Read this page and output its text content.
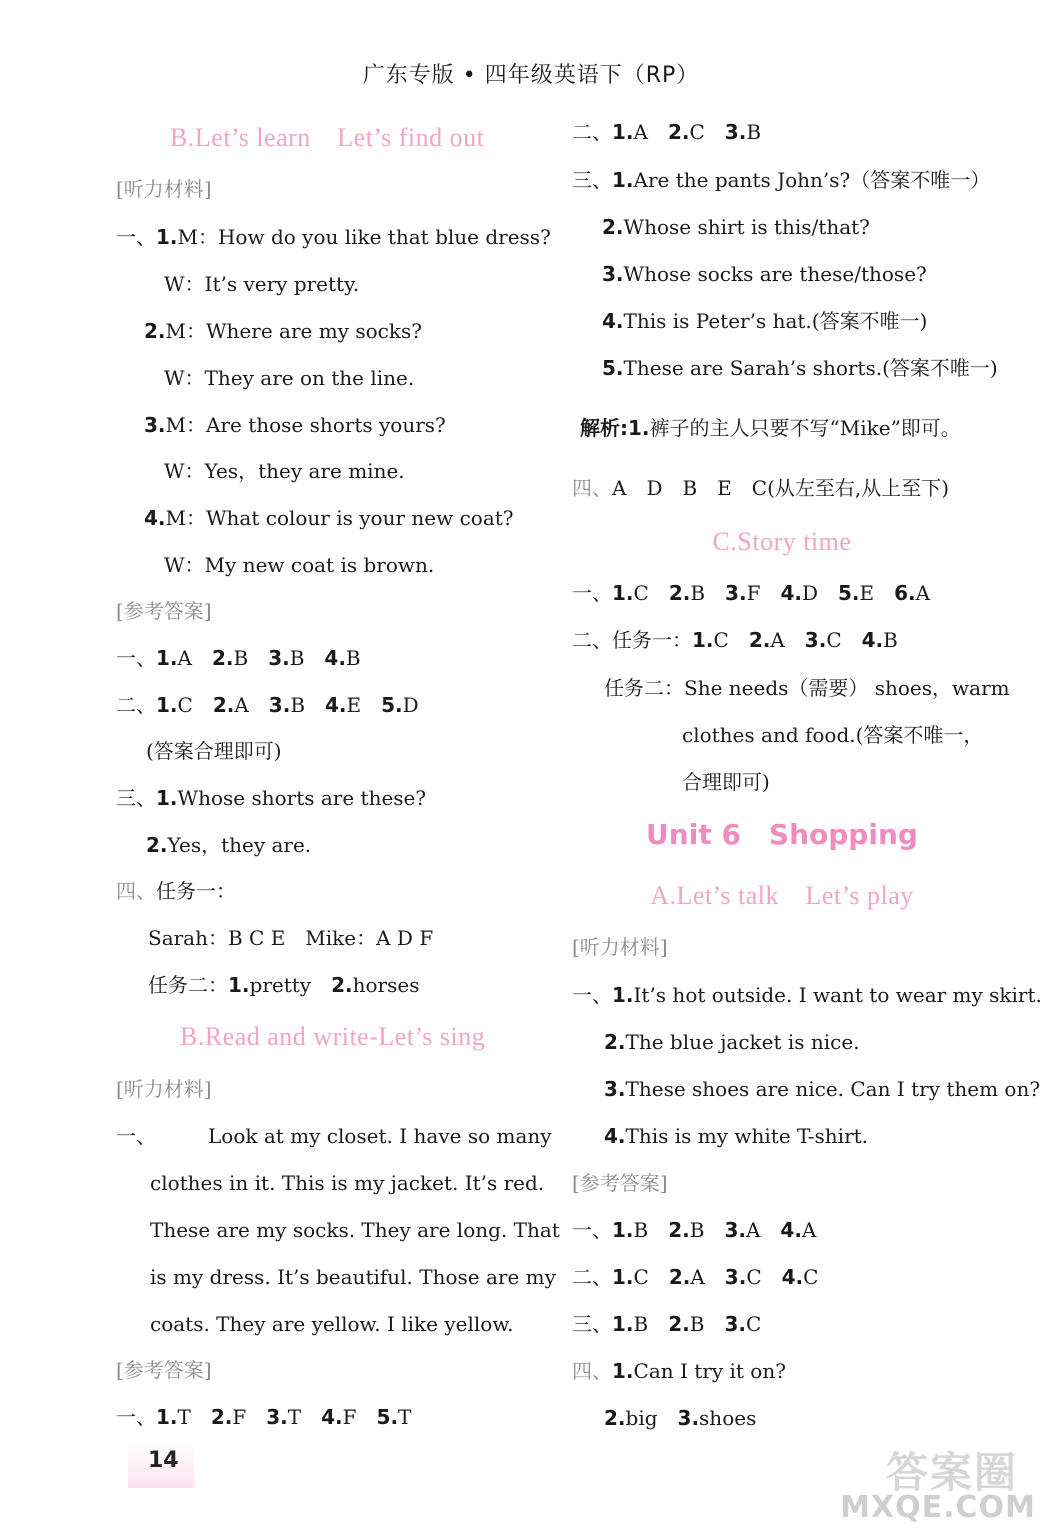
广东专版 • 四年级英语下（RP）
B.Let’s learn　Let’s find out
[听力材料]
一、1.M：How do you like that blue dress?
W：It’s very pretty.
2.M：Where are my socks?
W：They are on the line.
3.M：Are those shorts yours?
W：Yes，they are mine.
4.M：What colour is your new coat?
W：My new coat is brown.
[参考答案]
一、1.A　2.B　3.B　4.B
二、1.C　2.A　3.B　4.E　5.D
(答案合理即可)
三、1.Whose shorts are these?
2.Yes，they are.
四、任务一：
Sarah：B C E　Mike：A D F
任务二：1.pretty　2.horses
B.Read and write-Let’s sing
[听力材料]
一、	Look at my closet. I have so many
clothes in it. This is my jacket. It’s red.
These are my socks. They are long. That
is my dress. It’s beautiful. Those are my
coats. They are yellow. I like yellow.
[参考答案]
一、1.T　2.F　3.T　4.F　5.T
二、1.A　2.C　3.B
三、1.Are the pants John’s?（答案不唯一）
2.Whose shirt is this/that?
3.Whose socks are these/those?
4.This is Peter’s hat.(答案不唯一)
5.These are Sarah’s shorts.(答案不唯一)
解析:1.裤子的主人只要不写“Mike”即可。
四、A　D　B　E　C(从左至右,从上至下)
C.Story time
一、1.C　2.B　3.F　4.D　5.E　6.A
二、任务一：1.C　2.A　3.C　4.B
任务二：She needs（需要） shoes，warm
clothes and food.(答案不唯一，
合理即可)
Unit 6　Shopping
A.Let’s talk　Let’s play
[听力材料]
一、1.It’s hot outside. I want to wear my skirt.
2.The blue jacket is nice.
3.These shoes are nice. Can I try them on?
4.This is my white T-shirt.
[参考答案]
一、1.B　2.B　3.A　4.A
二、1.C　2.A　3.C　4.C
三、1.B　2.B　3.C
四、1.Can I try it on?
2.big　3.shoes
14	答案圈
MXQE.COM
